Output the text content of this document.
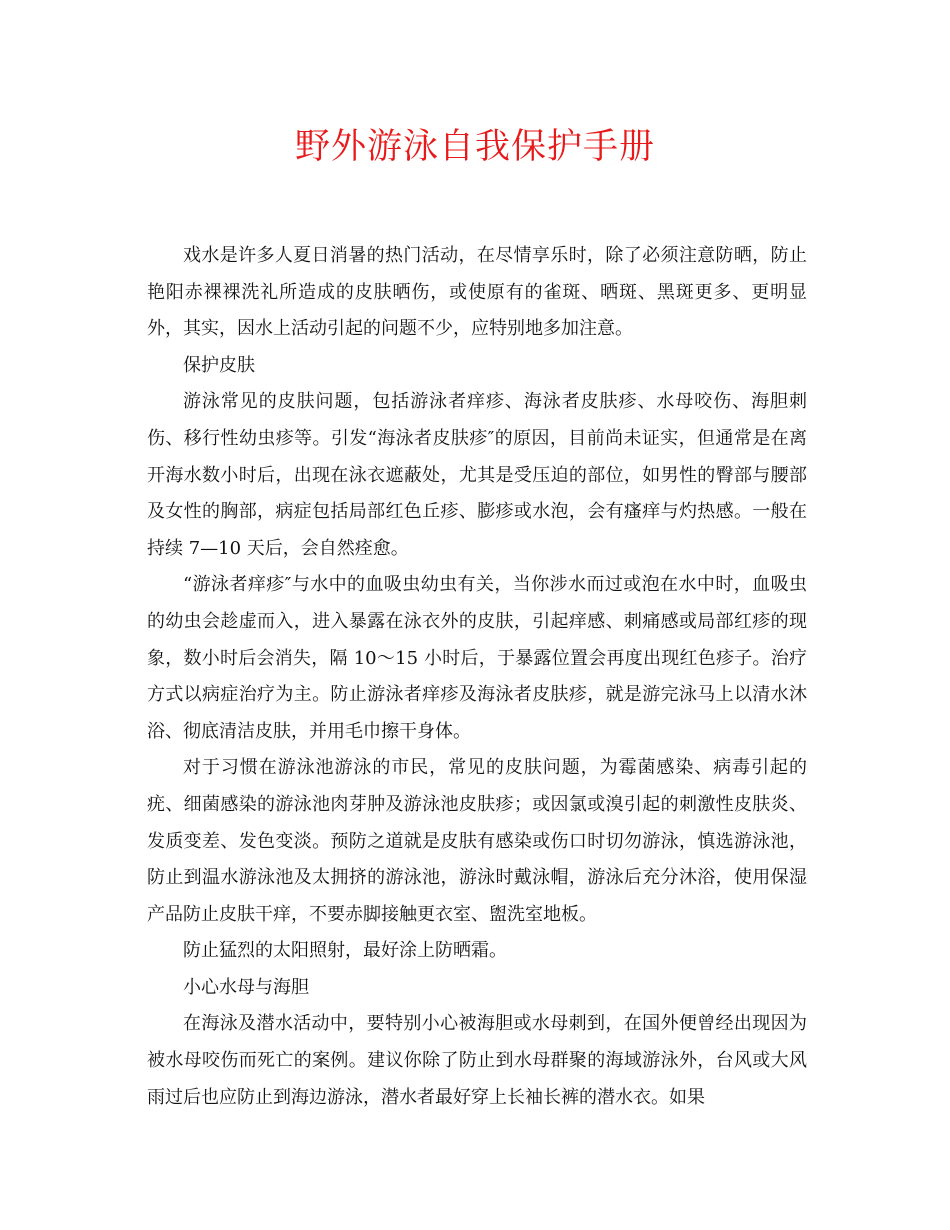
野外游泳自我保护手册

戏水是许多人夏日消暑的热门活动，在尽情享乐时，除了必须注意防晒，防止艳阳赤裸裸洗礼所造成的皮肤晒伤，或使原有的雀斑、晒斑、黑斑更多、更明显外，其实，因水上活动引起的问题不少，应特别地多加注意。

保护皮肤

游泳常见的皮肤问题，包括游泳者痒疹、海泳者皮肤疹、水母咬伤、海胆刺伤、移行性幼虫疹等。引发“海泳者皮肤疹″的原因，目前尚未证实，但通常是在离开海水数小时后，出现在泳衣遮蔽处，尤其是受压迫的部位，如男性的臀部与腰部及女性的胸部，病症包括局部红色丘疹、膨疹或水泡，会有瘙痒与灼热感。一般在持续 7—10 天后，会自然痊愈。

“游泳者痒疹″与水中的血吸虫幼虫有关，当你涉水而过或泡在水中时，血吸虫的幼虫会趁虚而入，进入暴露在泳衣外的皮肤，引起痒感、刺痛感或局部红疹的现象，数小时后会消失，隔 10～15 小时后，于暴露位置会再度出现红色疹子。治疗方式以病症治疗为主。防止游泳者痒疹及海泳者皮肤疹，就是游完泳马上以清水沐浴、彻底清洁皮肤，并用毛巾擦干身体。

对于习惯在游泳池游泳的市民，常见的皮肤问题，为霉菌感染、病毒引起的疣、细菌感染的游泳池肉芽肿及游泳池皮肤疹；或因氯或溴引起的刺激性皮肤炎、发质变差、发色变淡。预防之道就是皮肤有感染或伤口时切勿游泳，慎选游泳池，防止到温水游泳池及太拥挤的游泳池，游泳时戴泳帽，游泳后充分沐浴，使用保湿产品防止皮肤干痒，不要赤脚接触更衣室、盥洗室地板。

防止猛烈的太阳照射，最好涂上防晒霜。

小心水母与海胆

在海泳及潜水活动中，要特别小心被海胆或水母刺到，在国外便曾经出现因为被水母咬伤而死亡的案例。建议你除了防止到水母群聚的海域游泳外，台风或大风雨过后也应防止到海边游泳，潜水者最好穿上长袖长裤的潜水衣。如果
